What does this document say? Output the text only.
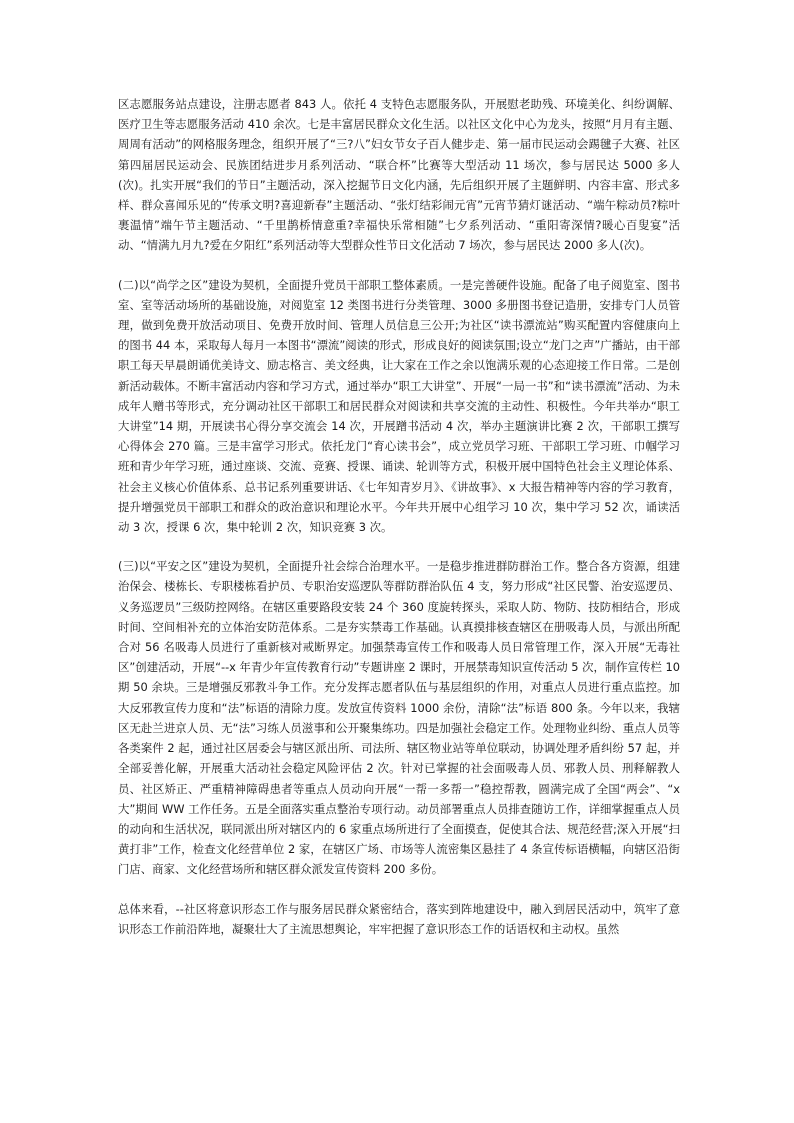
区志愿服务站点建设，注册志愿者 843 人。依托 4 支特色志愿服务队，开展慰老助残、环境美化、纠纷调解、医疗卫生等志愿服务活动 410 余次。七是丰富居民群众文化生活。以社区文化中心为龙头，按照“月月有主题、周周有活动”的网格服务理念，组织开展了“三?八”妇女节女子百人健步走、第一届市民运动会踢毽子大赛、社区第四届居民运动会、民族团结进步月系列活动、“联合杯”比赛等大型活动 11 场次，参与居民达 5000 多人(次)。扎实开展“我们的节日”主题活动，深入挖掘节日文化内涵，先后组织开展了主题鲜明、内容丰富、形式多样、群众喜闻乐见的“传承文明?喜迎新春”主题活动、“张灯结彩闹元宵”元宵节猜灯谜活动、“端午粽动员?粽叶裹温情”端午节主题活动、“千里鹊桥情意重?幸福快乐常相随”七夕系列活动、“重阳寄深情?暖心百叟宴”活动、“情满九月九?爱在夕阳红”系列活动等大型群众性节日文化活动 7 场次，参与居民达 2000 多人(次)。

(二)以“尚学之区”建设为契机，全面提升党员干部职工整体素质。一是完善硬件设施。配备了电子阅览室、图书室、室等活动场所的基础设施，对阅览室 12 类图书进行分类管理、3000 多册图书登记造册，安排专门人员管理，做到免费开放活动项目、免费开放时间、管理人员信息三公开;为社区“读书漂流站”购买配置内容健康向上的图书 44 本，采取每人每月一本图书“漂流”阅读的形式，形成良好的阅读氛围;设立“龙门之声”广播站，由干部职工每天早晨朗诵优美诗文、励志格言、美文经典，让大家在工作之余以饱满乐观的心态迎接工作日常。二是创新活动载体。不断丰富活动内容和学习方式，通过举办“职工大讲堂”、开展“一局一书”和“读书漂流”活动、为未成年人赠书等形式，充分调动社区干部职工和居民群众对阅读和共享交流的主动性、积极性。今年共举办“职工大讲堂”14 期，开展读书心得分享交流会 14 次，开展蹭书活动 4 次，举办主题演讲比赛 2 次，干部职工撰写心得体会 270 篇。三是丰富学习形式。依托龙门“育心读书会”，成立党员学习班、干部职工学习班、巾帼学习班和青少年学习班，通过座谈、交流、竞赛、授课、诵读、轮训等方式，积极开展中国特色社会主义理论体系、社会主义核心价值体系、总书记系列重要讲话、《七年知青岁月》、《讲故事》、x 大报告精神等内容的学习教育，提升增强党员干部职工和群众的政治意识和理论水平。今年共开展中心组学习 10 次，集中学习 52 次，诵读活动 3 次，授课 6 次，集中轮训 2 次，知识竞赛 3 次。

(三)以“平安之区”建设为契机，全面提升社会综合治理水平。一是稳步推进群防群治工作。整合各方资源，组建治保会、楼栋长、专职楼栋看护员、专职治安巡逻队等群防群治队伍 4 支，努力形成“社区民警、治安巡逻员、义务巡逻员”三级防控网络。在辖区重要路段安装 24 个 360 度旋转探头，采取人防、物防、技防相结合，形成时间、空间相补充的立体治安防范体系。二是夯实禁毒工作基础。认真摸排核查辖区在册吸毒人员，与派出所配合对 56 名吸毒人员进行了重新核对戒断界定。加强禁毒宣传工作和吸毒人员日常管理工作，深入开展“无毒社区”创建活动，开展“--x 年青少年宣传教育行动”专题讲座 2 课时，开展禁毒知识宣传活动 5 次，制作宣传栏 10 期 50 余块。三是增强反邪教斗争工作。充分发挥志愿者队伍与基层组织的作用，对重点人员进行重点监控。加大反邪教宣传力度和“法”标语的清除力度。发放宣传资料 1000 余份，清除“法”标语 800 条。今年以来，我辖区无赴兰进京人员、无“法”习练人员滋事和公开聚集练功。四是加强社会稳定工作。处理物业纠纷、重点人员等各类案件 2 起，通过社区居委会与辖区派出所、司法所、辖区物业站等单位联动，协调处理矛盾纠纷 57 起，并全部妥善化解，开展重大活动社会稳定风险评估 2 次。针对已掌握的社会面吸毒人员、邪教人员、刑释解教人员、社区矫正、严重精神障碍患者等重点人员动向开展“一帮一多帮一”稳控帮教，圆满完成了全国“两会”、“x 大”期间 WW 工作任务。五是全面落实重点整治专项行动。动员部署重点人员排查随访工作，详细掌握重点人员的动向和生活状况，联同派出所对辖区内的 6 家重点场所进行了全面摸查，促使其合法、规范经营;深入开展“扫黄打非”工作，检查文化经营单位 2 家，在辖区广场、市场等人流密集区悬挂了 4 条宣传标语横幅，向辖区沿街门店、商家、文化经营场所和辖区群众派发宣传资料 200 多份。

总体来看，--社区将意识形态工作与服务居民群众紧密结合，落实到阵地建设中，融入到居民活动中，筑牢了意识形态工作前沿阵地，凝聚壮大了主流思想舆论，牢牢把握了意识形态工作的话语权和主动权。虽然
